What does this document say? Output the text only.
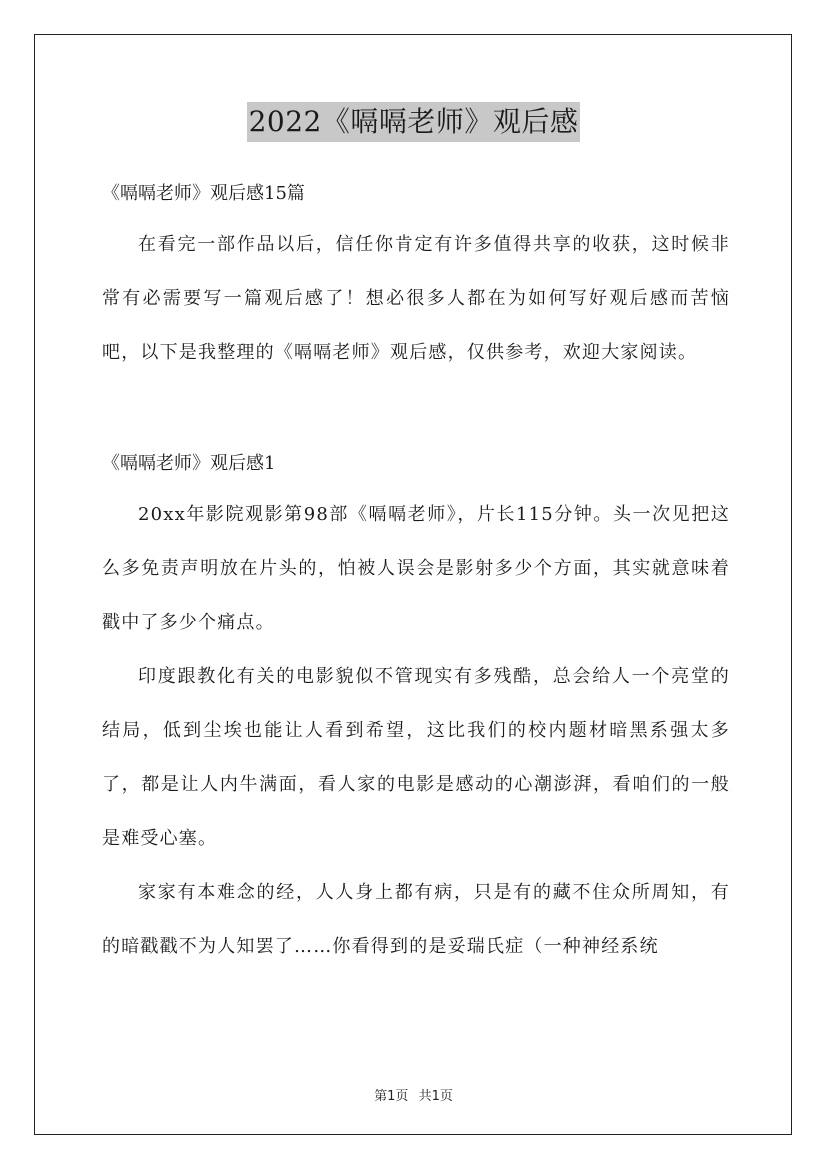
2022《嗝嗝老师》观后感

《嗝嗝老师》观后感15篇

在看完一部作品以后，信任你肯定有许多值得共享的收获，这时候非常有必需要写一篇观后感了！想必很多人都在为如何写好观后感而苦恼吧，以下是我整理的《嗝嗝老师》观后感，仅供参考，欢迎大家阅读。

《嗝嗝老师》观后感1

20xx年影院观影第98部《嗝嗝老师》，片长115分钟。头一次见把这么多免责声明放在片头的，怕被人误会是影射多少个方面，其实就意味着戳中了多少个痛点。

印度跟教化有关的电影貌似不管现实有多残酷，总会给人一个亮堂的结局，低到尘埃也能让人看到希望，这比我们的校内题材暗黑系强太多了，都是让人内牛满面，看人家的电影是感动的心潮澎湃，看咱们的一般是难受心塞。

家家有本难念的经，人人身上都有病，只是有的藏不住众所周知，有的暗戳戳不为人知罢了……你看得到的是妥瑞氏症（一种神经系统

第1页 共1页
